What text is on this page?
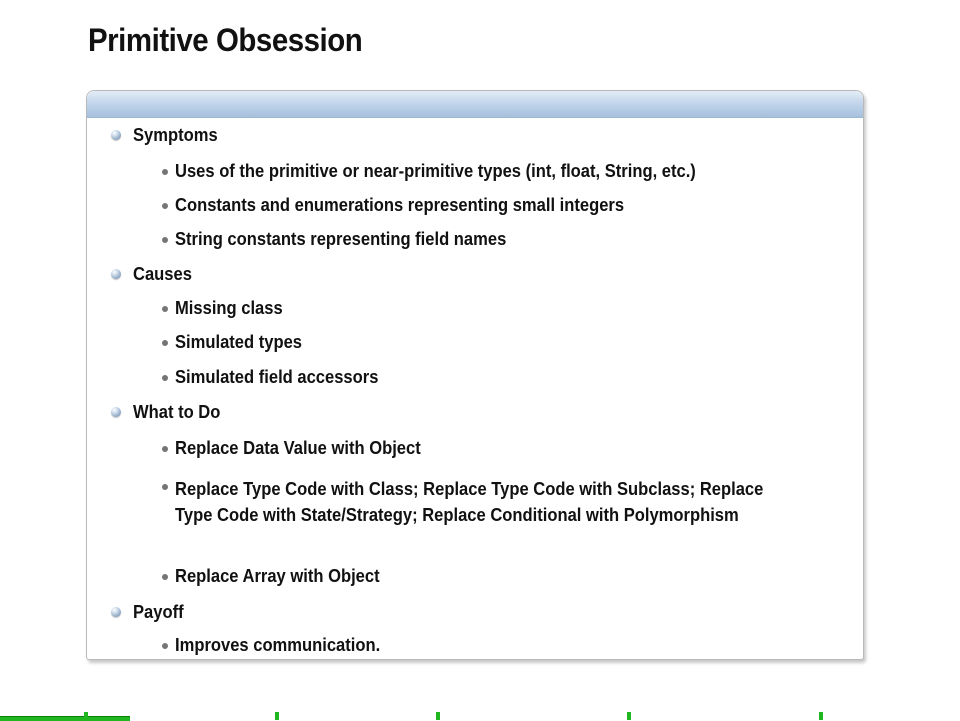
Primitive Obsession
Symptoms
Uses of the primitive or near-primitive types (int, float, String, etc.)
Constants and enumerations representing small integers
String constants representing field names
Causes
Missing class
Simulated types
Simulated field accessors
What to Do
Replace Data Value with Object
Replace Type Code with Class; Replace Type Code with Subclass; Replace Type Code with State/Strategy; Replace Conditional with Polymorphism
Replace Array with Object
Payoff
Improves communication.
